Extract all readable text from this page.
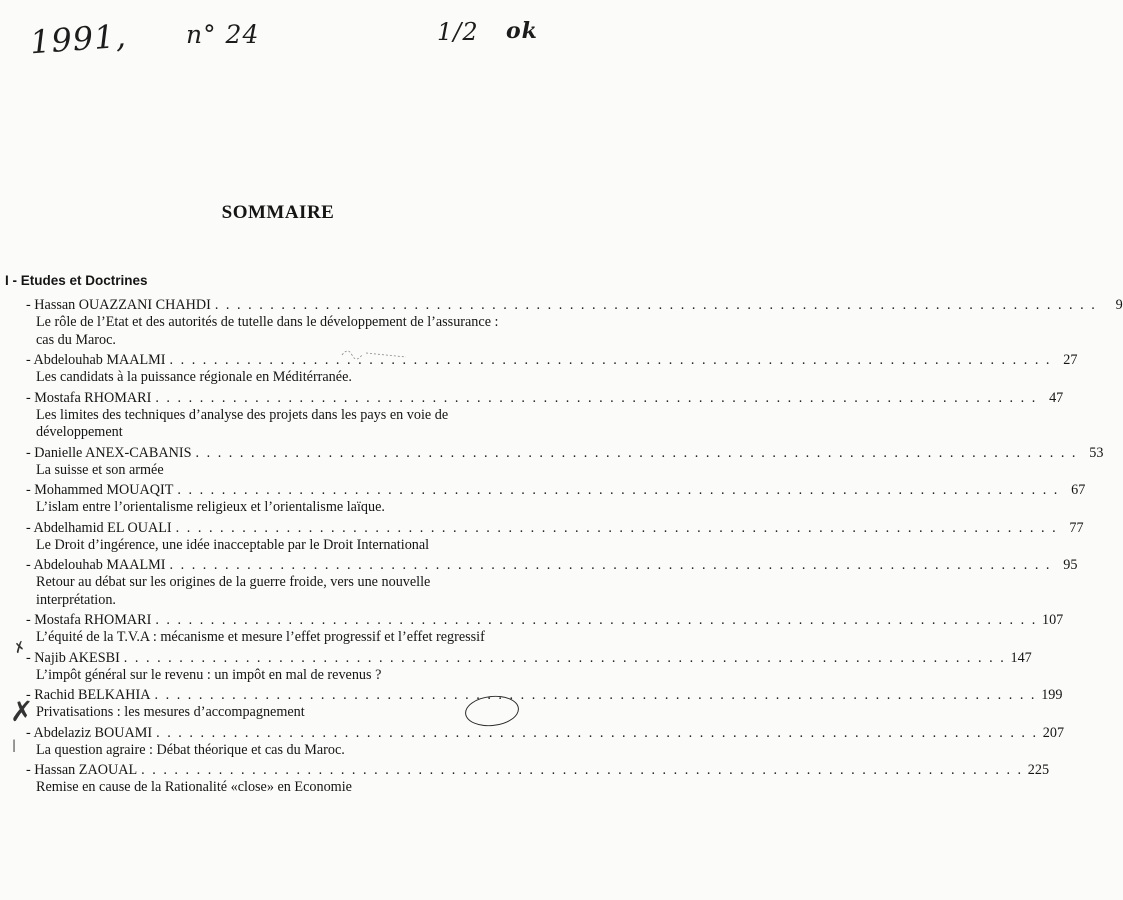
1991, n° 24	1/2 ok
SOMMAIRE
I - Etudes et Doctrines
- Hassan OUAZZANI CHAHDI . . . . . . . . . . . . . . . . . . . . . . . . . . . . . . . . . . . . . . . . . . . . . . . . . . . . . . . . . . . . . . . . . . . . . . . . . . . . . . . .	9
Le rôle de l’Etat et des autorités de tutelle dans le développement de l’assurance : cas du Maroc.
- Abdelouhab MAALMI . . . . . . . . . . . . . . . . . . . . . . . . . . . . . . . . . . . . . . . . . . . . . . . . . . . . . . . . . . . . . . . . . . . . . . . . . . . . . . . . 27
Les candidats à la puissance régionale en Méditérranée.
- Mostafa RHOMARI . . . . . . . . . . . . . . . . . . . . . . . . . . . . . . . . . . . . . . . . . . . . . . . . . . . . . . . . . . . . . . . . . . . . . . . . . . . . . . . . 47
Les limites des techniques d’analyse des projets dans les pays en voie de développement
- Danielle ANEX-CABANIS . . . . . . . . . . . . . . . . . . . . . . . . . . . . . . . . . . . . . . . . . . . . . . . . . . . . . . . . . . . . . . . . . . . . . . . . . . . . . . . . 53
La suisse et son armée
- Mohammed MOUAQIT . . . . . . . . . . . . . . . . . . . . . . . . . . . . . . . . . . . . . . . . . . . . . . . . . . . . . . . . . . . . . . . . . . . . . . . . . . . . . . . . 67
L’islam entre l’orientalisme religieux et l’orientalisme laïque.
- Abdelhamid EL OUALI . . . . . . . . . . . . . . . . . . . . . . . . . . . . . . . . . . . . . . . . . . . . . . . . . . . . . . . . . . . . . . . . . . . . . . . . . . . . . . . . 77
Le Droit d’ingérence, une idée inacceptable par le Droit International
- Abdelouhab MAALMI . . . . . . . . . . . . . . . . . . . . . . . . . . . . . . . . . . . . . . . . . . . . . . . . . . . . . . . . . . . . . . . . . . . . . . . . . . . . . . . . 95
Retour au débat sur les origines de la guerre froide, vers une nouvelle interprétation.
- Mostafa RHOMARI . . . . . . . . . . . . . . . . . . . . . . . . . . . . . . . . . . . . . . . . . . . . . . . . . . . . . . . . . . . . . . . . . . . . . . . . . . . . . . . . 107
L’équité de la T.V.A : mécanisme et mesure l’effet progressif et l’effet regressif
- Najib AKESBI . . . . . . . . . . . . . . . . . . . . . . . . . . . . . . . . . . . . . . . . . . . . . . . . . . . . . . . . . . . . . . . . . . . . . . . . . . . . . . . . 147
L’impôt général sur le revenu : un impôt en mal de revenus ?
- Rachid BELKAHIA . . . . . . . . . . . . . . . . . . . . . . . . . . . . . . . . . . . . . . . . . . . . . . . . . . . . . . . . . . . . . . . . . . . . . . . . . . . . . . . . 199
Privatisations : les mesures d’accompagnement
- Abdelaziz BOUAMI . . . . . . . . . . . . . . . . . . . . . . . . . . . . . . . . . . . . . . . . . . . . . . . . . . . . . . . . . . . . . . . . . . . . . . . . . . . . . . . . 207
La question agraire : Débat théorique et cas du Maroc.
- Hassan ZAOUAL . . . . . . . . . . . . . . . . . . . . . . . . . . . . . . . . . . . . . . . . . . . . . . . . . . . . . . . . . . . . . . . . . . . . . . . . . . . . . . . . 225
Remise en cause de la Rationalité «close» en Economie
✗
✗
|
